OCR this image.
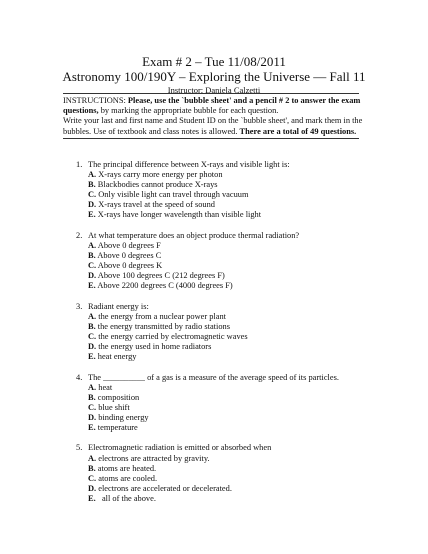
Exam # 2 – Tue 11/08/2011
Astronomy 100/190Y – Exploring the Universe — Fall 11
Instructor: Daniela Calzetti
INSTRUCTIONS: Please, use the `bubble sheet' and a pencil # 2 to answer the exam questions, by marking the appropriate bubble for each question.
Write your last and first name and Student ID on the `bubble sheet', and mark them in the bubbles. Use of textbook and class notes is allowed. There are a total of 49 questions.
1. The principal difference between X-rays and visible light is:
A. X-rays carry more energy per photon
B. Blackbodies cannot produce X-rays
C. Only visible light can travel through vacuum
D. X-rays travel at the speed of sound
E. X-rays have longer wavelength than visible light
2. At what temperature does an object produce thermal radiation?
A. Above 0 degrees F
B. Above 0 degrees C
C. Above 0 degrees K
D. Above 100 degrees C (212 degrees F)
E. Above 2200 degrees C (4000 degrees F)
3. Radiant energy is:
A. the energy from a nuclear power plant
B. the energy transmitted by radio stations
C. the energy carried by electromagnetic waves
D. the energy used in home radiators
E. heat energy
4. The __________ of a gas is a measure of the average speed of its particles.
A. heat
B. composition
C. blue shift
D. binding energy
E. temperature
5. Electromagnetic radiation is emitted or absorbed when
A. electrons are attracted by gravity.
B. atoms are heated.
C. atoms are cooled.
D. electrons are accelerated or decelerated.
E.   all of the above.
